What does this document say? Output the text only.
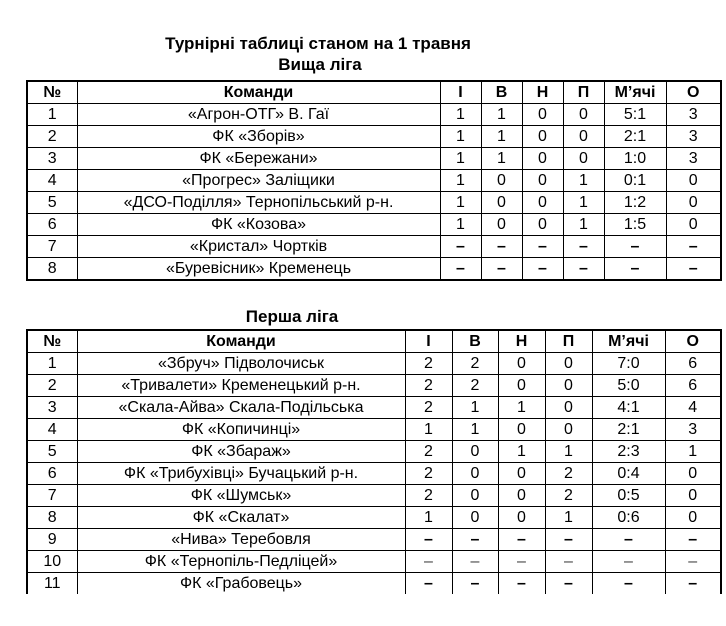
Турнірні таблиці станом на 1 травня
Вища ліга
№	Команди	І	В	Н	П	М’ячі	О
1	«Агрон-ОТГ» В. Гаї	1	1	0	0	5:1	3
2	ФК «Зборів»	1	1	0	0	2:1	3
3	ФК «Бережани»	1	1	0	0	1:0	3
4	«Прогрес» Заліщики	1	0	0	1	0:1	0
5	«ДСО-Поділля» Тернопільський р-н.	1	0	0	1	1:2	0
6	ФК «Козова»	1	0	0	1	1:5	0
7	«Кристал» Чортків	–	–	–	–	–	–
8	«Буревісник» Кременець	–	–	–	–	–	–
Перша ліга
№	Команди	І	В	Н	П	М’ячі	О
1	«Збруч» Підволочиськ	2	2	0	0	7:0	6
2	«Тривалети» Кременецький р-н.	2	2	0	0	5:0	6
3	«Скала-Айва» Скала-Подільська	2	1	1	0	4:1	4
4	ФК «Копичинці»	1	1	0	0	2:1	3
5	ФК «Збараж»	2	0	1	1	2:3	1
6	ФК «Трибухівці» Бучацький р-н.	2	0	0	2	0:4	0
7	ФК «Шумськ»	2	0	0	2	0:5	0
8	ФК «Скалат»	1	0	0	1	0:6	0
9	«Нива» Теребовля	–	–	–	–	–	–
10	ФК «Тернопіль-Педліцей»	–	–	–	–	–	–
11	ФК «Грабовець»	–	–	–	–	–	–
